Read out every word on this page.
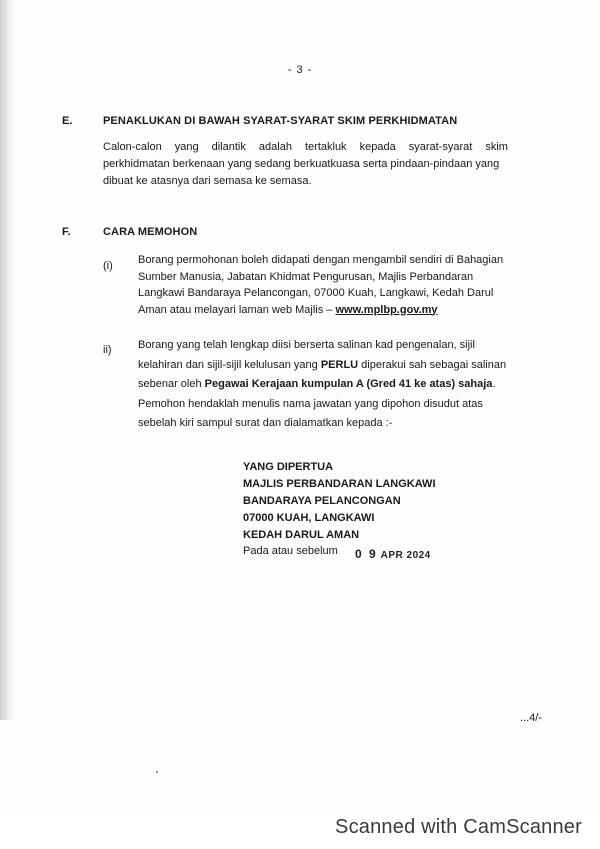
- 3 -
E.	PENAKLUKAN DI BAWAH SYARAT-SYARAT SKIM PERKHIDMATAN
Calon-calon yang dilantik adalah tertakluk kepada syarat-syarat skim
perkhidmatan berkenaan yang sedang berkuatkuasa serta pindaan-pindaan yang
dibuat ke atasnya dari semasa ke semasa.
F.	CARA MEMOHON
(i) Borang permohonan boleh didapati dengan mengambil sendiri di Bahagian
Sumber Manusia, Jabatan Khidmat Pengurusan, Majlis Perbandaran
Langkawi Bandaraya Pelancongan, 07000 Kuah, Langkawi, Kedah Darul
Aman atau melayari laman web Majlis – www.mplbp.gov.my
ii) Borang yang telah lengkap diisi berserta salinan kad pengenalan, sijil
kelahiran dan sijil-sijil kelulusan yang PERLU diperakui sah sebagai salinan
sebenar oleh Pegawai Kerajaan kumpulan A (Gred 41 ke atas) sahaja.
Pemohon hendaklah menulis nama jawatan yang dipohon disudut atas
sebelah kiri sampul surat dan dialamatkan kepada :-
YANG DIPERTUA
MAJLIS PERBANDARAN LANGKAWI
BANDARAYA PELANCONGAN
07000 KUAH, LANGKAWI
KEDAH DARUL AMAN
Pada atau sebelum 0 9 APR 2024
...4/-
Scanned with CamScanner
